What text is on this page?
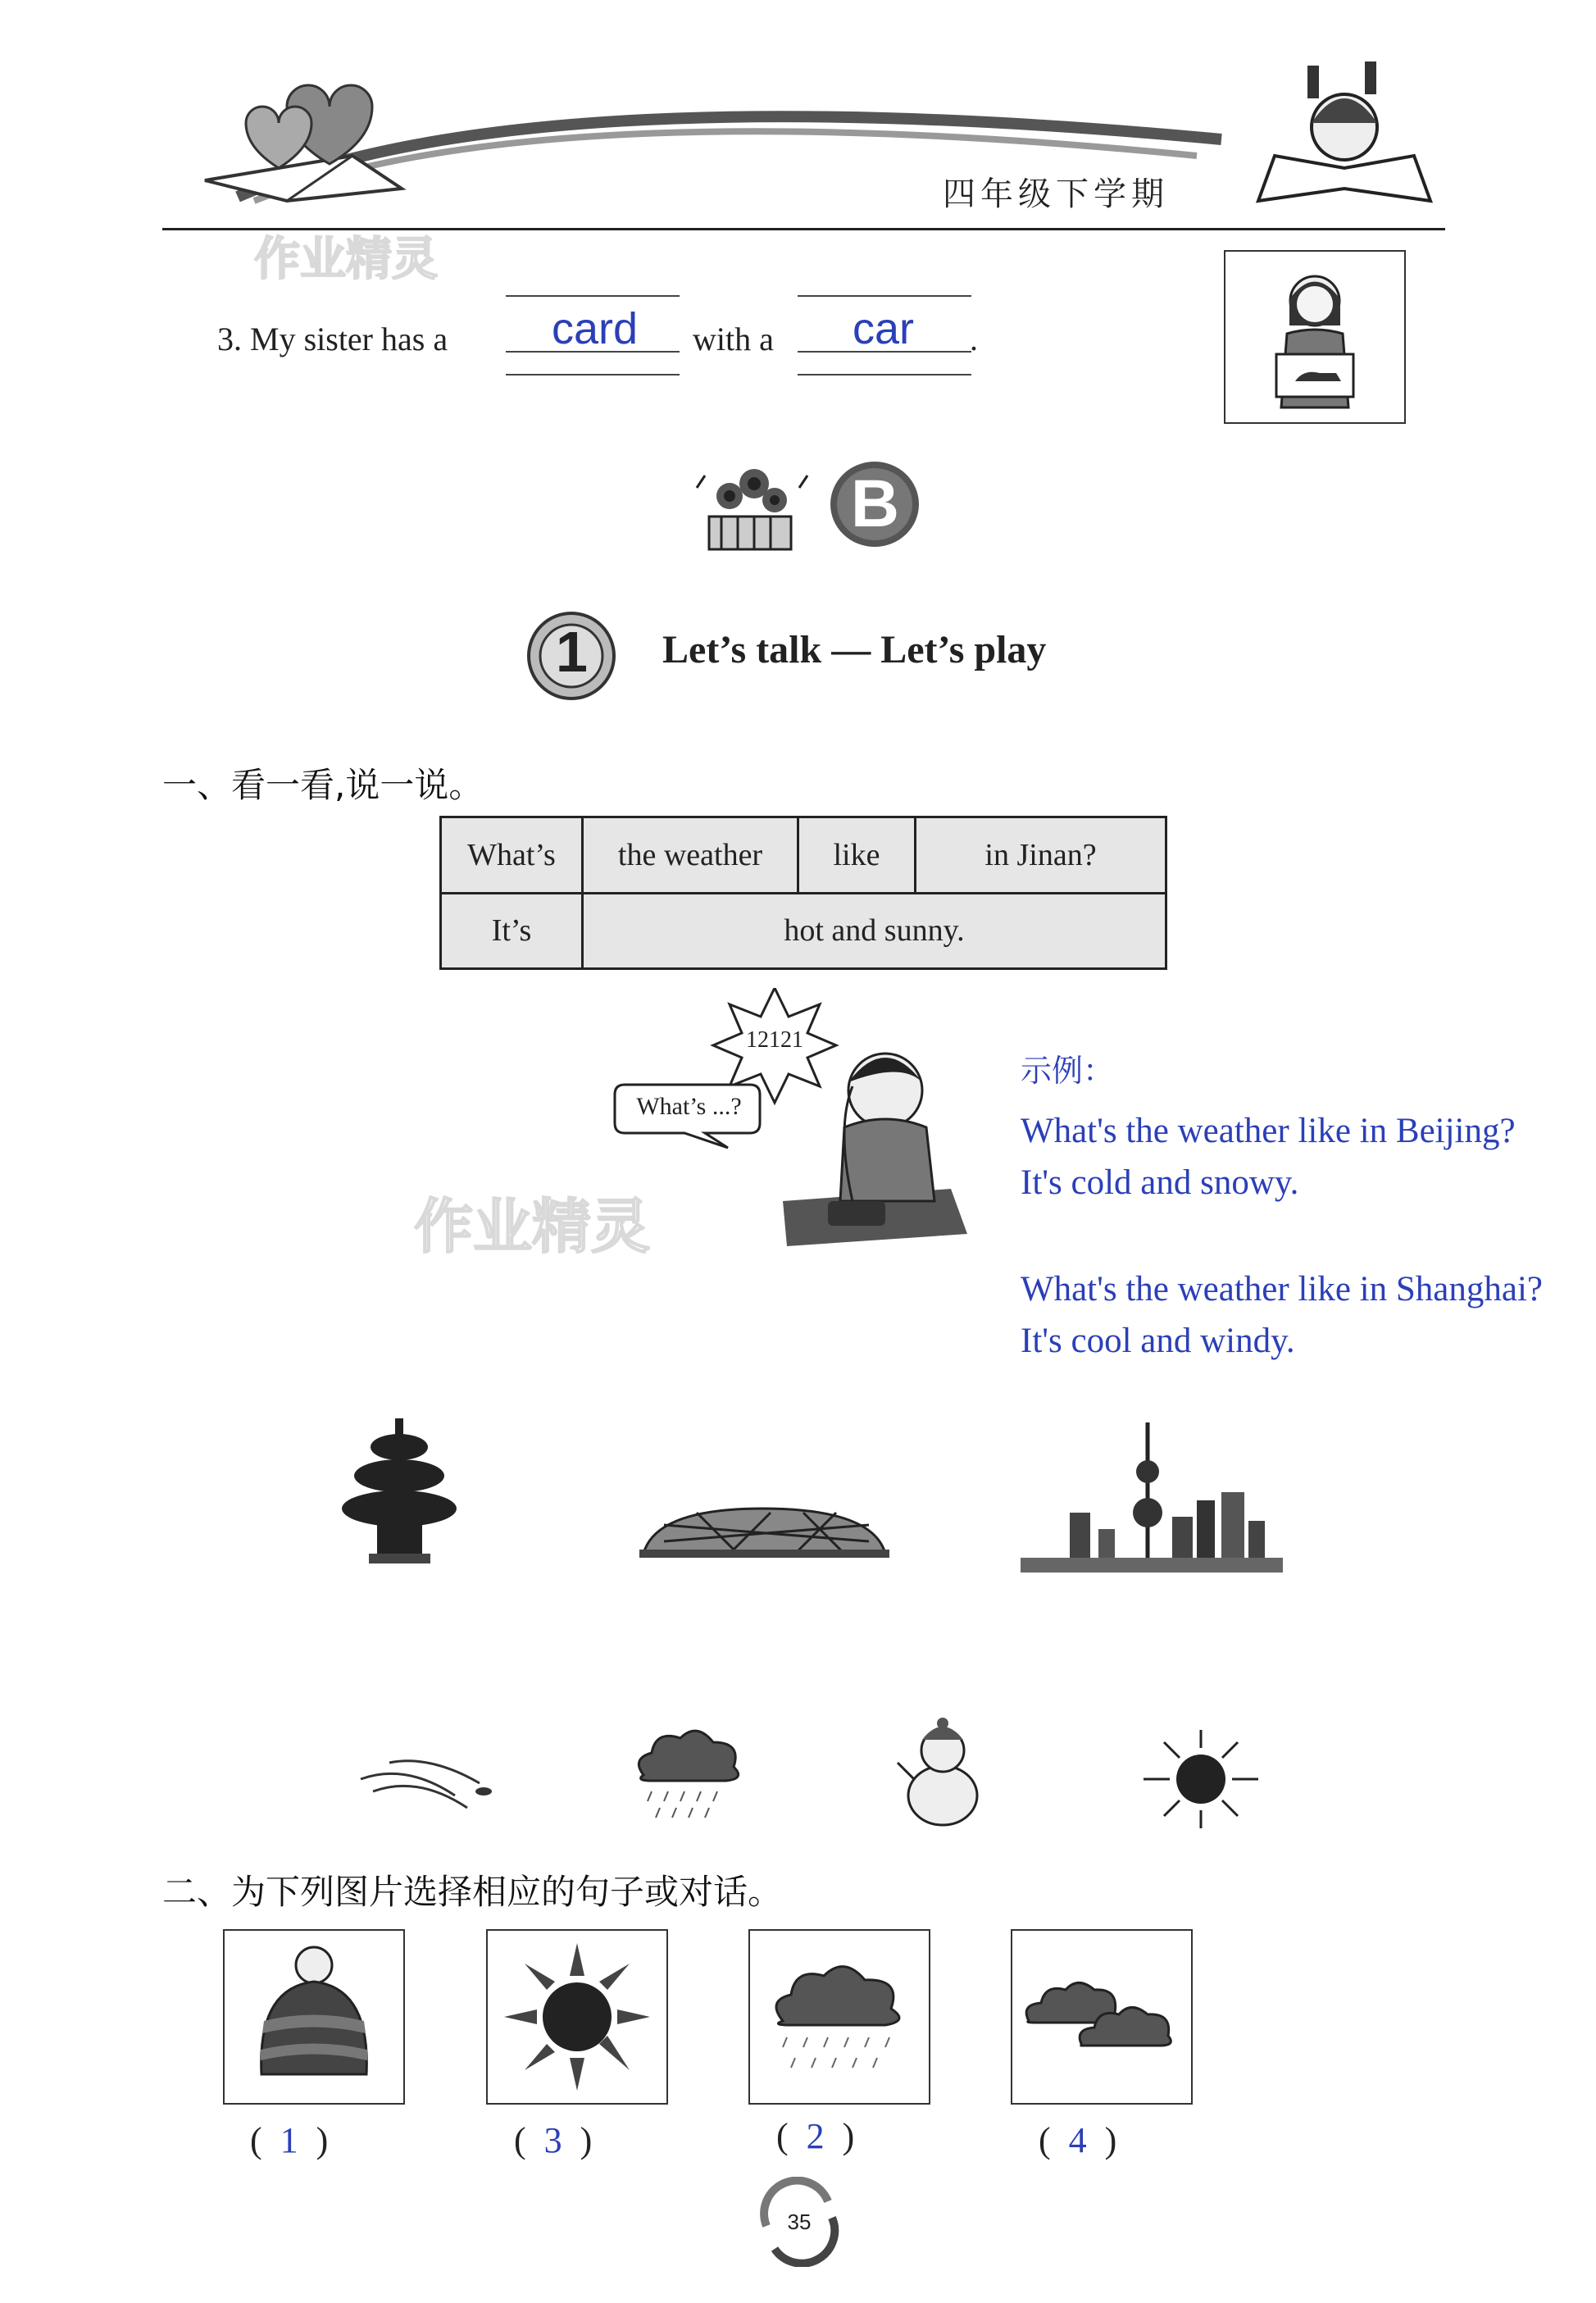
四年级下学期
作业精灵
3. My sister has a card with a car .
B
1	Let’s talk — Let’s play
一、看一看,说一说。
What’s	the weather	like	in Jinan?
It’s	hot and sunny.		
12121
What’s ...?
作业精灵
示例：
What's the weather like in Beijing?
It's cold and snowy.
What's the weather like in Shanghai?
It's cool and windy.
二、为下列图片选择相应的句子或对话。
( 1 )	( 3 )	( 2 )	( 4 )
35
